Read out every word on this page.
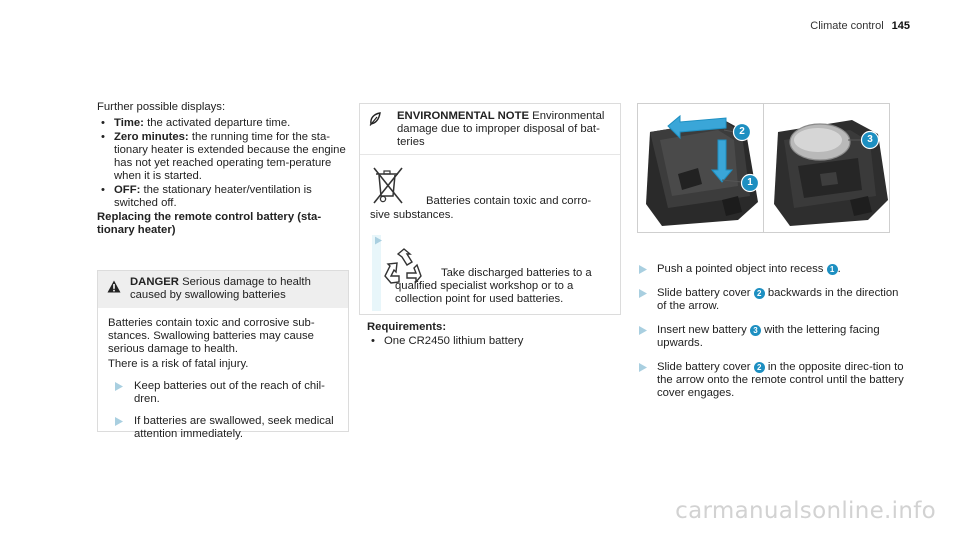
Climate control 145
Further possible displays:
• Time: the activated departure time.
• Zero minutes: the running time for the sta-tionary heater is extended because the engine has not yet reached operating tem-perature when it is started.
• OFF: the stationary heater/ventilation is switched off.
Replacing the remote control battery (sta-tionary heater)
DANGER Serious damage to health caused by swallowing batteries

Batteries contain toxic and corrosive sub-stances. Swallowing batteries may cause serious damage to health.

There is a risk of fatal injury.

Keep batteries out of the reach of chil-dren.
If batteries are swallowed, seek medical attention immediately.
ENVIRONMENTAL NOTE Environmental damage due to improper disposal of bat-teries
Batteries contain toxic and corro-
sive substances.
Take discharged batteries to a
qualified specialist workshop or to a collection point for used batteries.
Requirements:
• One CR2450 lithium battery
2
1
3
Push a pointed object into recess 1 .
Slide battery cover 2 backwards in the direction of the arrow.
Insert new battery 3 with the lettering facing upwards.
Slide battery cover 2 in the opposite direc-tion to the arrow onto the remote control until the battery cover engages.
carmanualsonline.info
